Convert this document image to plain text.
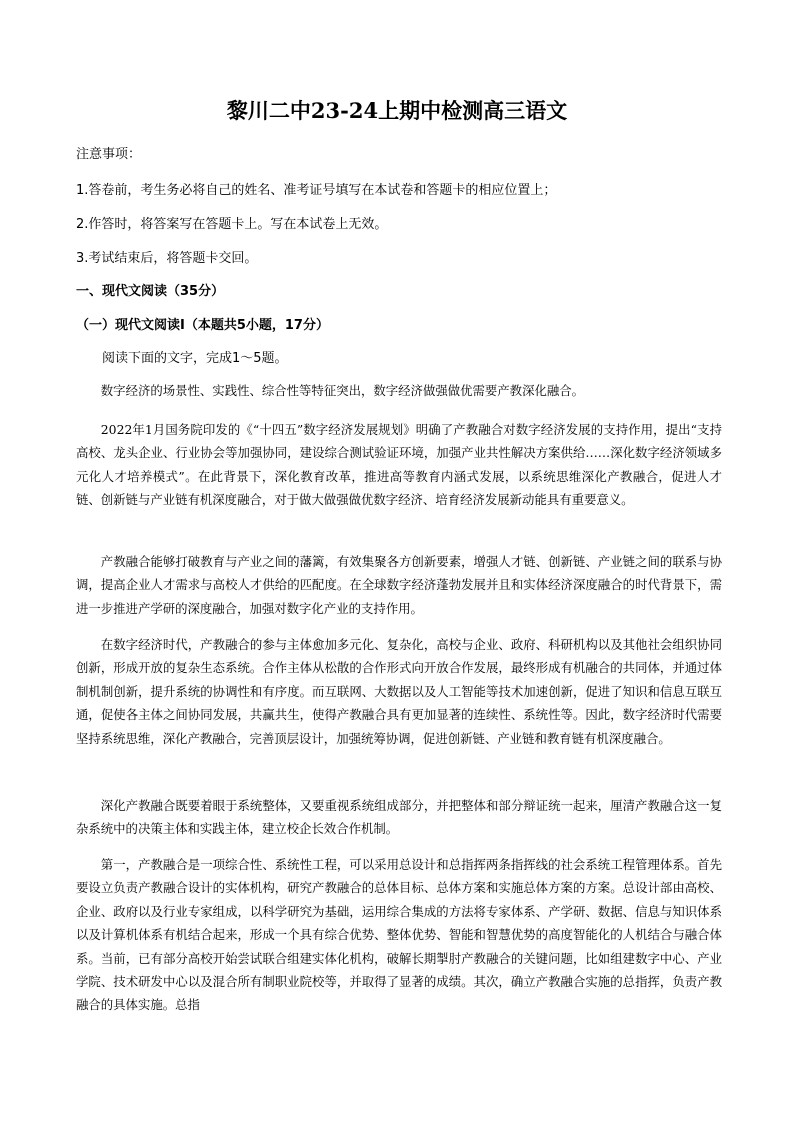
黎川二中23-24上期中检测高三语文
注意事项：
1.答卷前，考生务必将自己的姓名、准考证号填写在本试卷和答题卡的相应位置上；
2.作答时，将答案写在答题卡上。写在本试卷上无效。
3.考试结束后，将答题卡交回。
一、现代文阅读（35分）
（一）现代文阅读Ⅰ（本题共5小题，17分）
阅读下面的文字，完成1～5题。

数字经济的场景性、实践性、综合性等特征突出，数字经济做强做优需要产教深化融合。

2022年1月国务院印发的《“十四五”数字经济发展规划》明确了产教融合对数字经济发展的支持作用，提出“支持高校、龙头企业、行业协会等加强协同，建设综合测试验证环境，加强产业共性解决方案供给……深化数字经济领域多元化人才培养模式”。在此背景下，深化教育改革，推进高等教育内涵式发展，以系统思维深化产教融合，促进人才链、创新链与产业链有机深度融合，对于做大做强做优数字经济、培育经济发展新动能具有重要意义。

产教融合能够打破教育与产业之间的藩篱，有效集聚各方创新要素，增强人才链、创新链、产业链之间的联系与协调，提高企业人才需求与高校人才供给的匹配度。在全球数字经济蓬勃发展并且和实体经济深度融合的时代背景下，需进一步推进产学研的深度融合，加强对数字化产业的支持作用。

在数字经济时代，产教融合的参与主体愈加多元化、复杂化，高校与企业、政府、科研机构以及其他社会组织协同创新，形成开放的复杂生态系统。合作主体从松散的合作形式向开放合作发展，最终形成有机融合的共同体，并通过体制机制创新，提升系统的协调性和有序度。而互联网、大数据以及人工智能等技术加速创新，促进了知识和信息互联互通，促使各主体之间协同发展，共赢共生，使得产教融合具有更加显著的连续性、系统性等。因此，数字经济时代需要坚持系统思维，深化产教融合，完善顶层设计，加强统筹协调，促进创新链、产业链和教育链有机深度融合。

深化产教融合既要着眼于系统整体，又要重视系统组成部分，并把整体和部分辩证统一起来，厘清产教融合这一复杂系统中的决策主体和实践主体，建立校企长效合作机制。

第一，产教融合是一项综合性、系统性工程，可以采用总设计和总指挥两条指挥线的社会系统工程管理体系。首先要设立负责产教融合设计的实体机构，研究产教融合的总体目标、总体方案和实施总体方案的方案。总设计部由高校、企业、政府以及行业专家组成，以科学研究为基础，运用综合集成的方法将专家体系、产学研、数据、信息与知识体系以及计算机体系有机结合起来，形成一个具有综合优势、整体优势、智能和智慧优势的高度智能化的人机结合与融合体系。当前，已有部分高校开始尝试联合组建实体化机构，破解长期掣肘产教融合的关键问题，比如组建数字中心、产业学院、技术研发中心以及混合所有制职业院校等，并取得了显著的成绩。其次，确立产教融合实施的总指挥，负责产教融合的具体实施。总指
